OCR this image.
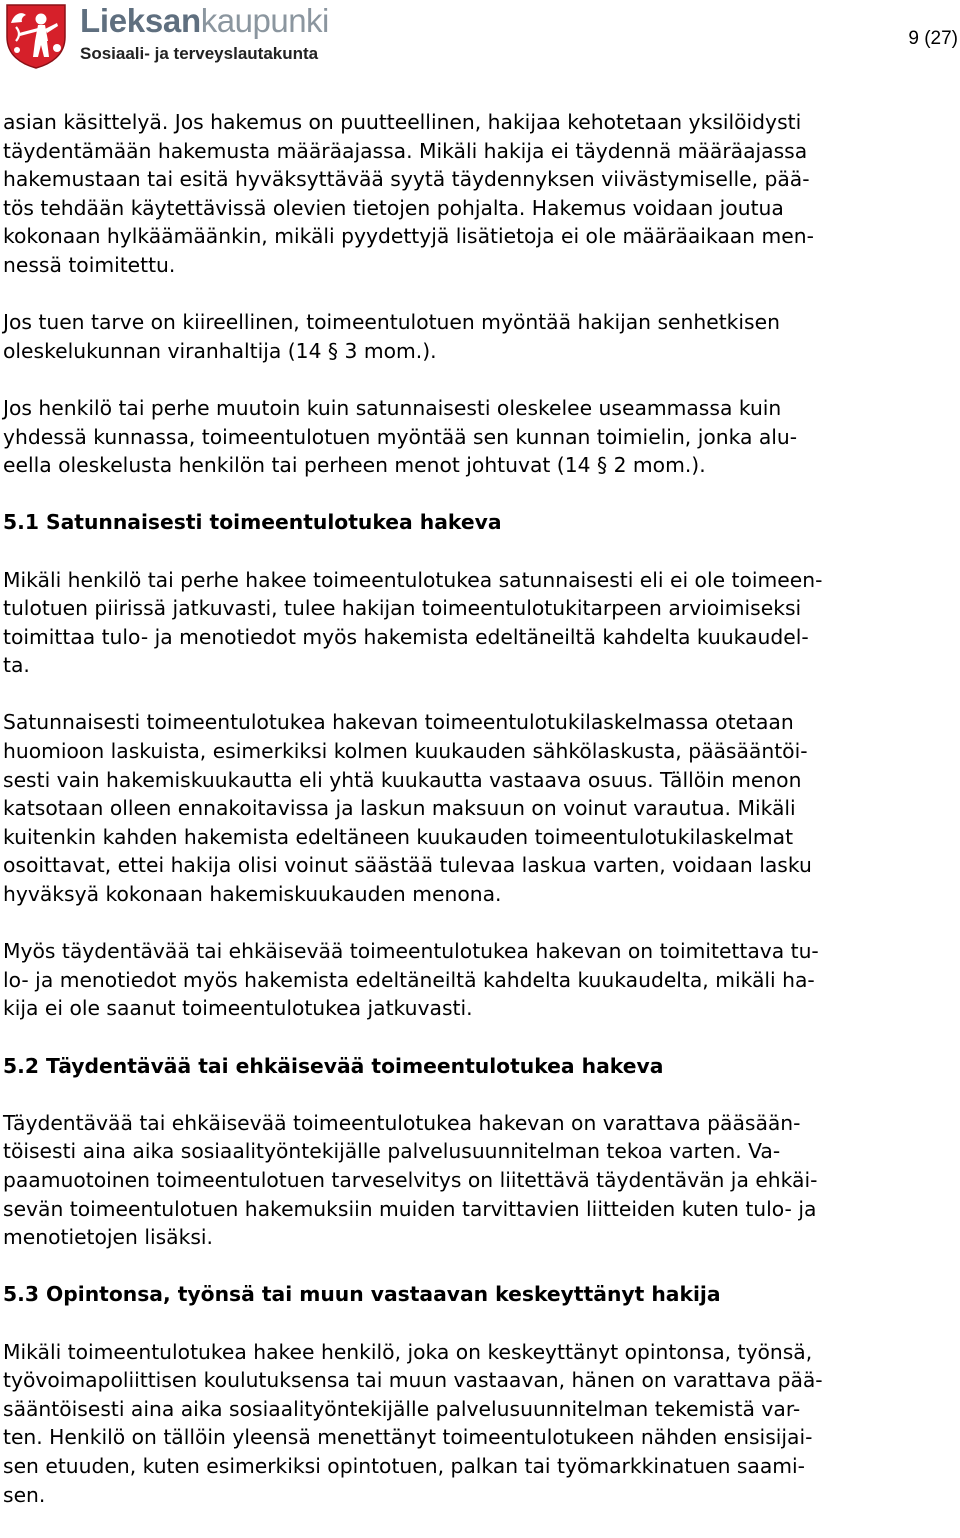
Lieksankaupunki
Sosiaali- ja terveyslautakunta
9 (27)
asian käsittelyä. Jos hakemus on puutteellinen, hakijaa kehotetaan yksilöidysti
täydentämään hakemusta määräajassa. Mikäli hakija ei täydennä määräajassa
hakemustaan tai esitä hyväksyttävää syytä täydennyksen viivästymiselle, pää-
tös tehdään käytettävissä olevien tietojen pohjalta. Hakemus voidaan joutua
kokonaan hylkäämäänkin, mikäli pyydettyjä lisätietoja ei ole määräaikaan men-
nessä toimitettu.
Jos tuen tarve on kiireellinen, toimeentulotuen myöntää hakijan senhetkisen
oleskelukunnan viranhaltija (14 § 3 mom.).
Jos henkilö tai perhe muutoin kuin satunnaisesti oleskelee useammassa kuin
yhdessä kunnassa, toimeentulotuen myöntää sen kunnan toimielin, jonka alu-
eella oleskelusta henkilön tai perheen menot johtuvat (14 § 2 mom.).
5.1 Satunnaisesti toimeentulotukea hakeva
Mikäli henkilö tai perhe hakee toimeentulotukea satunnaisesti eli ei ole toimeen-
tulotuen piirissä jatkuvasti, tulee hakijan toimeentulotukitarpeen arvioimiseksi
toimittaa tulo- ja menotiedot myös hakemista edeltäneiltä kahdelta kuukaudel-
ta.
Satunnaisesti toimeentulotukea hakevan toimeentulotukilaskelmassa otetaan
huomioon laskuista, esimerkiksi kolmen kuukauden sähkölaskusta, pääsääntöi-
sesti vain hakemiskuukautta eli yhtä kuukautta vastaava osuus. Tällöin menon
katsotaan olleen ennakoitavissa ja laskun maksuun on voinut varautua. Mikäli
kuitenkin kahden hakemista edeltäneen kuukauden toimeentulotukilaskelmat
osoittavat, ettei hakija olisi voinut säästää tulevaa laskua varten, voidaan lasku
hyväksyä kokonaan hakemiskuukauden menona.
Myös täydentävää tai ehkäisevää toimeentulotukea hakevan on toimitettava tu-
lo- ja menotiedot myös hakemista edeltäneiltä kahdelta kuukaudelta, mikäli ha-
kija ei ole saanut toimeentulotukea jatkuvasti.
5.2 Täydentävää tai ehkäisevää toimeentulotukea hakeva
Täydentävää tai ehkäisevää toimeentulotukea hakevan on varattava pääsään-
töisesti aina aika sosiaalityöntekijälle palvelusuunnitelman tekoa varten. Va-
paamuotoinen toimeentulotuen tarveselvitys on liitettävä täydentävän ja ehkäi-
sevän toimeentulotuen hakemuksiin muiden tarvittavien liitteiden kuten tulo- ja
menotietojen lisäksi.
5.3 Opintonsa, työnsä tai muun vastaavan keskeyttänyt hakija
Mikäli toimeentulotukea hakee henkilö, joka on keskeyttänyt opintonsa, työnsä,
työvoimapoliittisen koulutuksensa tai muun vastaavan, hänen on varattava pää-
sääntöisesti aina aika sosiaalityöntekijälle palvelusuunnitelman tekemistä var-
ten. Henkilö on tällöin yleensä menettänyt toimeentulotukeen nähden ensisijai-
sen etuuden, kuten esimerkiksi opintotuen, palkan tai työmarkkinatuen saami-
sen.
